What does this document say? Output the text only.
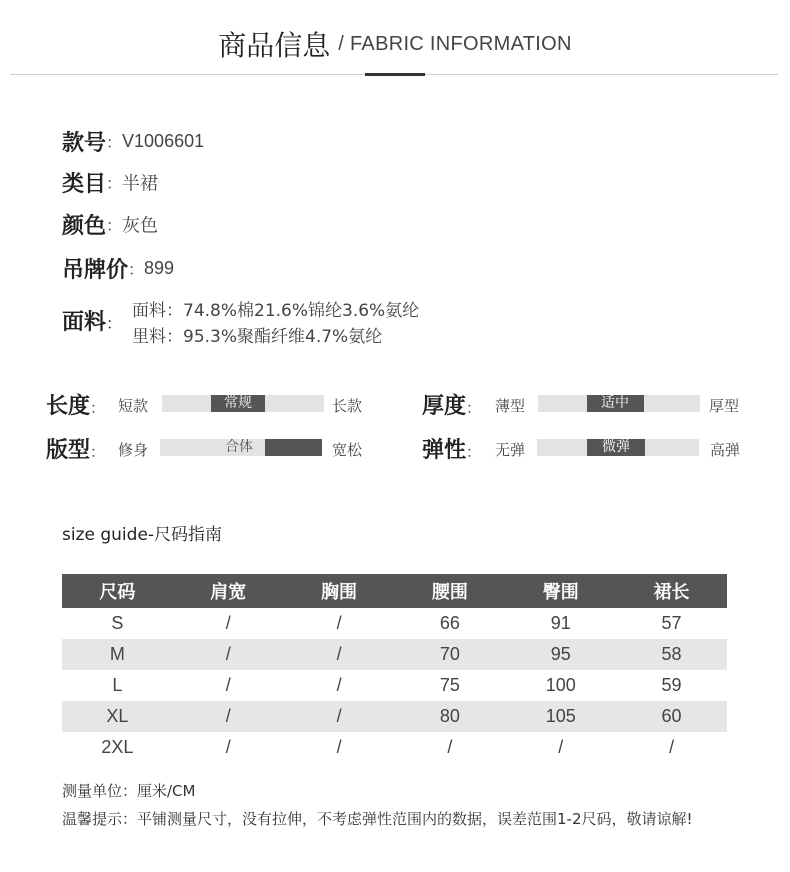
商品信息 / FABRIC INFORMATION
款号：V1006601
类目：半裙
颜色：灰色
吊牌价：899
面料：
面料：74.8%棉21.6%锦纶3.6%氨纶
里料：95.3%聚酯纤维4.7%氨纶
长度： 短款	常规	长款	厚度： 薄型	适中	厚型
版型： 修身	合体	宽松	弹性： 无弹	微弹	高弹
size guide-尺码指南
尺码	肩宽	胸围	腰围	臀围	裙长
S	/	/	66	91	57
M	/	/	70	95	58
L	/	/	75	100	59
XL	/	/	80	105	60
2XL	/	/	/	/	/
测量单位：厘米/CM
温馨提示：平铺测量尺寸，没有拉伸，不考虑弹性范围内的数据，误差范围1-2尺码，敬请谅解!
